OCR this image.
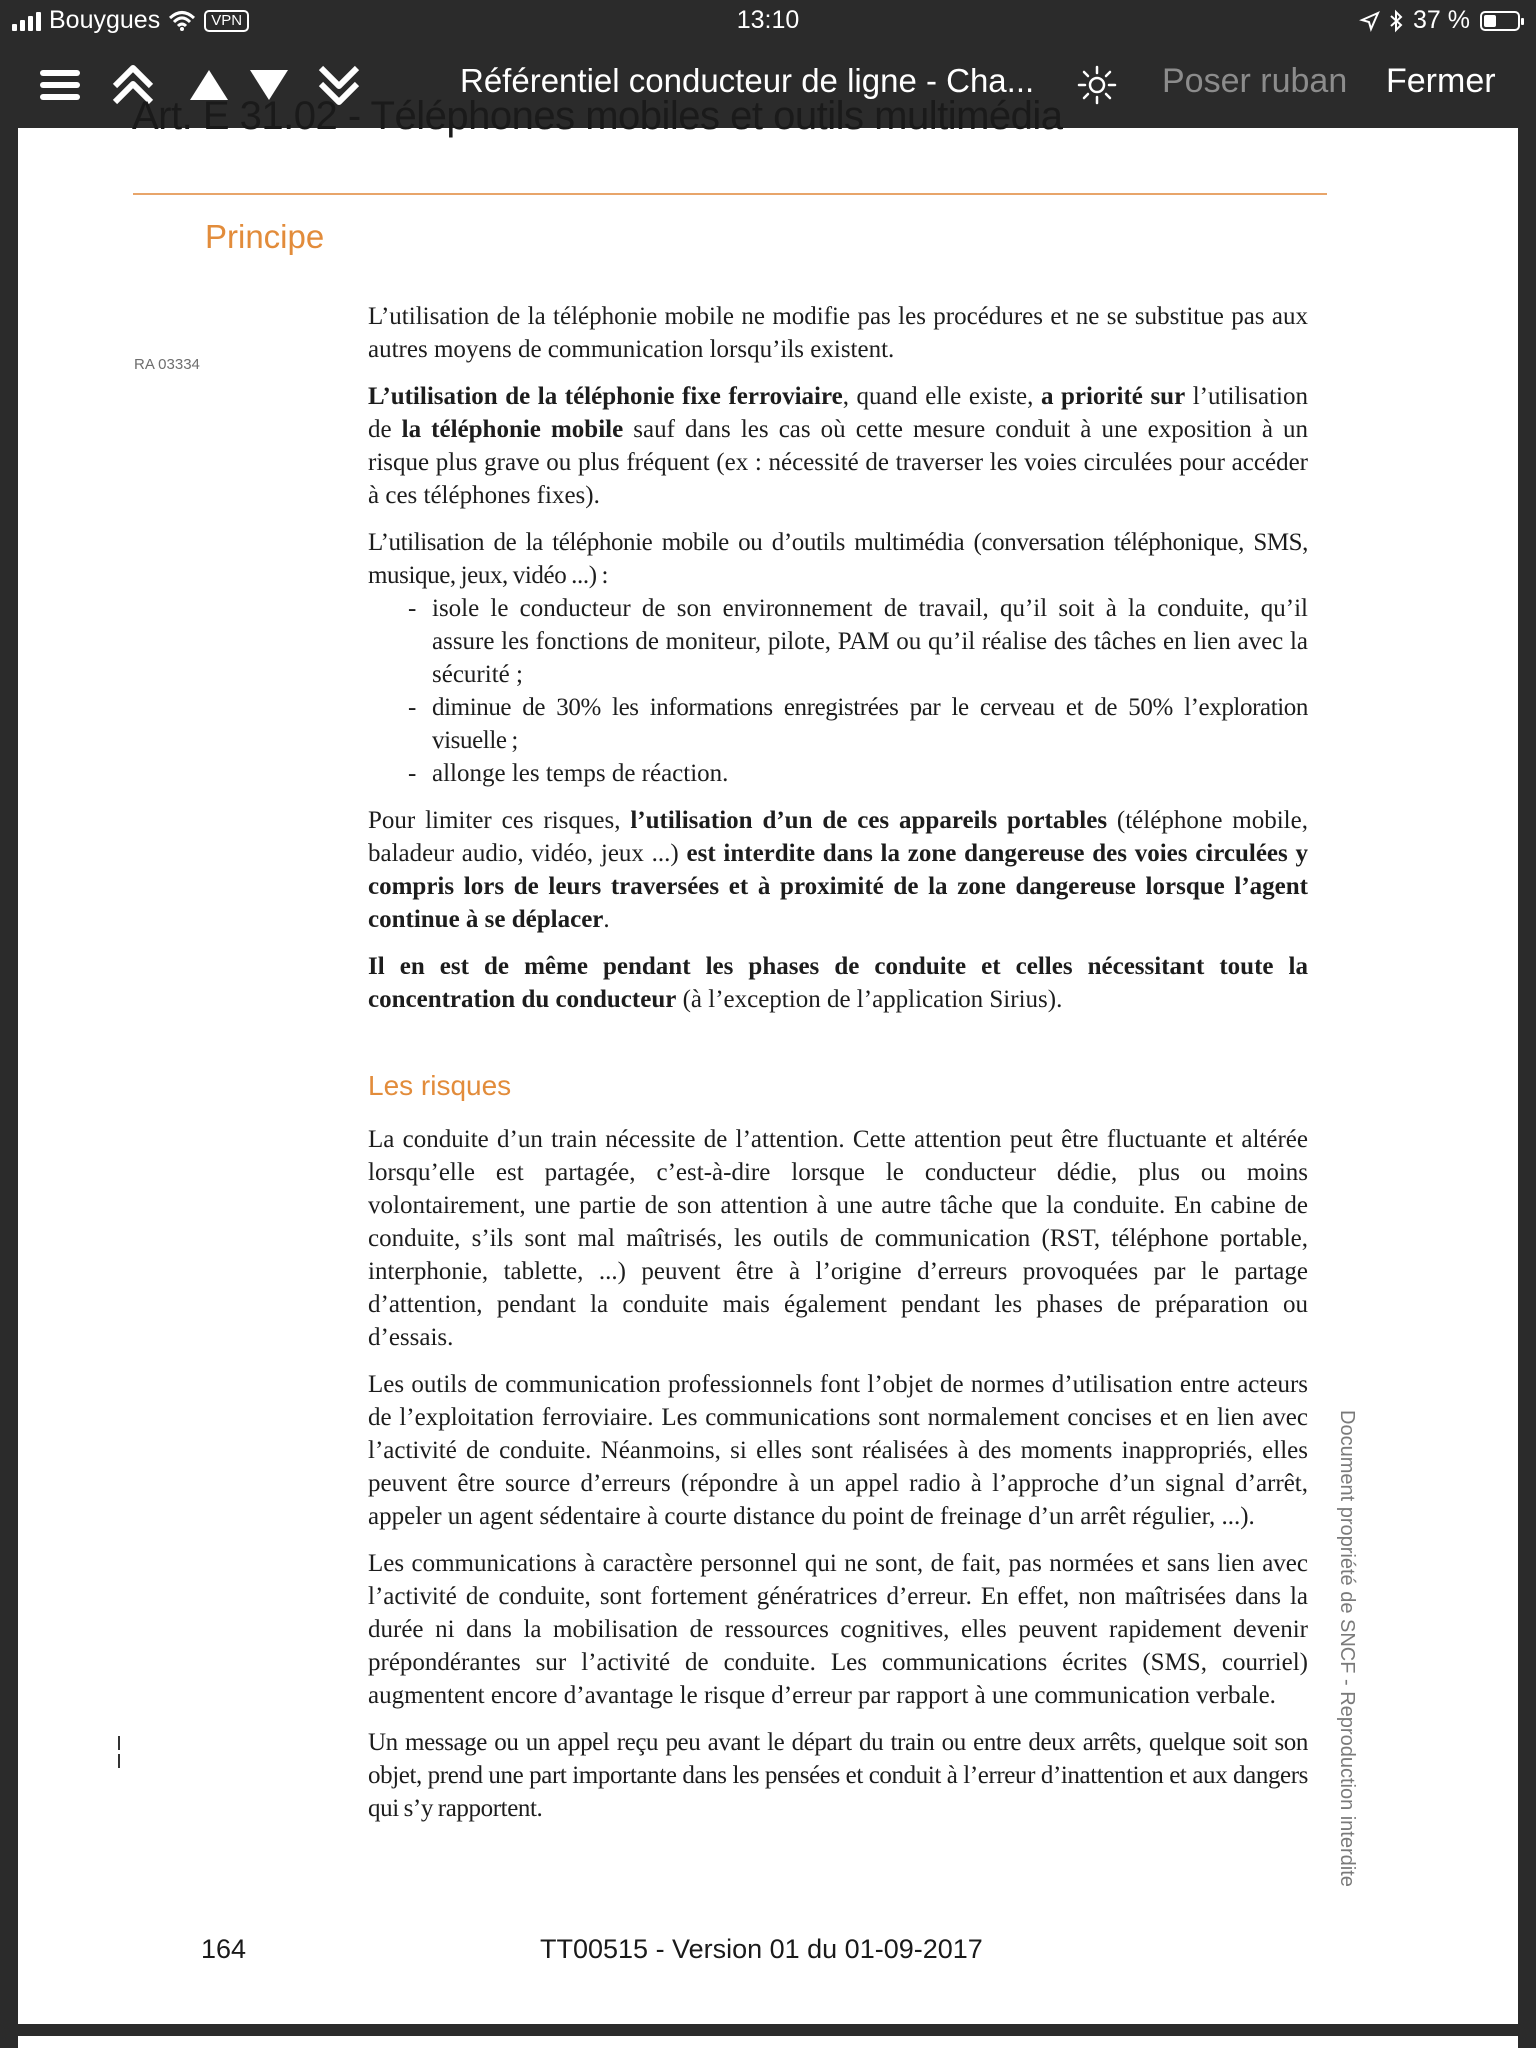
Bouygues	VPN	13:10	37 %
Référentiel conducteur de ligne - Cha...	Poser ruban Fermer
Art. E 31.02 - Téléphones mobiles et outils multimédia
Principe
RA 03334

L’utilisation de la téléphonie mobile ne modifie pas les procédures et ne se substitue pas aux autres moyens de communication lorsqu’ils existent.

L’utilisation de la téléphonie fixe ferroviaire, quand elle existe, a priorité sur l’utilisation de la téléphonie mobile sauf dans les cas où cette mesure conduit à une exposition à un risque plus grave ou plus fréquent (ex : nécessité de traverser les voies circulées pour accéder à ces téléphones fixes).

L’utilisation de la téléphonie mobile ou d’outils multimédia (conversation téléphonique, SMS, musique, jeux, vidéo ...) :

- isole le conducteur de son environnement de travail, qu’il soit à la conduite, qu’il assure les fonctions de moniteur, pilote, PAM ou qu’il réalise des tâches en lien avec la sécurité ;
- diminue de 30% les informations enregistrées par le cerveau et de 50% l’exploration visuelle ;
- allonge les temps de réaction.

Pour limiter ces risques, l’utilisation d’un de ces appareils portables (téléphone mobile, baladeur audio, vidéo, jeux ...) est interdite dans la zone dangereuse des voies circulées y compris lors de leurs traversées et à proximité de la zone dangereuse lorsque l’agent continue à se déplacer.

Il en est de même pendant les phases de conduite et celles nécessitant toute la concentration du conducteur (à l’exception de l’application Sirius).

Les risques

La conduite d’un train nécessite de l’attention. Cette attention peut être fluctuante et altérée lorsqu’elle est partagée, c’est-à-dire lorsque le conducteur dédie, plus ou moins volontairement, une partie de son attention à une autre tâche que la conduite. En cabine de conduite, s’ils sont mal maîtrisés, les outils de communication (RST, téléphone portable, interphonie, tablette, ...) peuvent être à l’origine d’erreurs provoquées par le partage d’attention, pendant la conduite mais également pendant les phases de préparation ou d’essais.

Les outils de communication professionnels font l’objet de normes d’utilisation entre acteurs de l’exploitation ferroviaire. Les communications sont normalement concises et en lien avec l’activité de conduite. Néanmoins, si elles sont réalisées à des moments inappropriés, elles peuvent être source d’erreurs (répondre à un appel radio à l’approche d’un signal d’arrêt, appeler un agent sédentaire à courte distance du point de freinage d’un arrêt régulier, ...).

Les communications à caractère personnel qui ne sont, de fait, pas normées et sans lien avec l’activité de conduite, sont fortement génératrices d’erreur. En effet, non maîtrisées dans la durée ni dans la mobilisation de ressources cognitives, elles peuvent rapidement devenir prépondérantes sur l’activité de conduite. Les communications écrites (SMS, courriel) augmentent encore d’avantage le risque d’erreur par rapport à une communication verbale.

Un message ou un appel reçu peu avant le départ du train ou entre deux arrêts, quelque soit son objet, prend une part importante dans les pensées et conduit à l’erreur d’inattention et aux dangers qui s’y rapportent.	Document propriété de SNCF - Reproduction interdite
164	TT00515 - Version 01 du 01-09-2017
